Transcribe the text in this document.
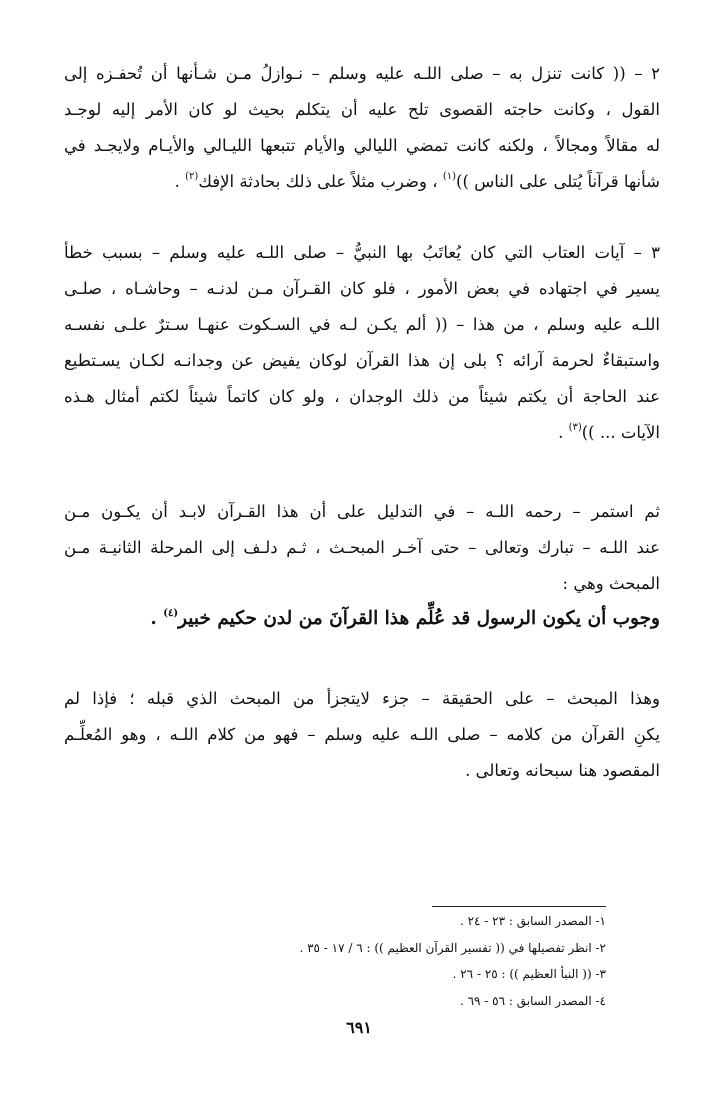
٢ – (( كانت تنزل به – صلى اللـه عليه وسلم – نـوازلُ مـن شـأنها أن تُحفـزه إلى
القول ، وكانت حاجته القصوى تلح عليه أن يتكلم بحيث لو كان الأمر إليه لوجـد
له مقالاً ومجالاً ، ولكنه كانت تمضي الليالي والأيام تتبعها الليـالي والأيـام ولايجـد في
شأنها قرآناً يُتلى على الناس ))$^{(١)}$ ، وضرب مثلاً على ذلك بحادثة الإفك$^{(٢)}$ .
٣ – آيات العتاب التي كان يُعاتَبُ بها النبيُّ – صلى اللـه عليه وسلم – بسبب خطأ
يسير في اجتهاده في بعض الأمور ، فلو كان القـرآن مـن لدنـه – وحاشـاه ، صلـى
اللـه عليه وسلم ، من هذا – (( ألم يكـن لـه في السـكوت عنهـا سـترٌ علـى نفسـه
واستبقاءٌ لحرمة آرائه ؟ بلى إن هذا القرآن لوكان يفيض عن وجدانـه لكـان يسـتطيع
عند الحاجة أن يكتم شيئاً من ذلك الوجدان ، ولو كان كاتماً شيئاً لكتم أمثال هـذه
الآيات ... ))$^{(٣)}$ .
ثم استمر – رحمه اللـه – في التدليل على أن هذا القـرآن لابـد أن يكـون مـن
عند اللـه – تبارك وتعالى – حتى آخـر المبحـث ، ثـم دلـف إلى المرحلة الثانيـة مـن
المبحث وهي :
وجوب أن يكون الرسول قد عُلِّم هذا القرآنَ من لدن حكيم خبير$^{(٤)}$ .
وهذا المبحث – على الحقيقة – جزء لايتجزأ من المبحث الذي قبله ؛ فإذا لم
يكنِ القرآن من كلامه – صلى اللـه عليه وسلم – فهو من كلام اللـه ، وهو المُعلِّـم
المقصود هنا سبحانه وتعالى .
١- المصدر السابق : ٢٣ - ٢٤ .
٢- انظر تفصيلها في (( تفسير القرآن العظيم )) : ٦ / ١٧ - ٣٥ .
٣- (( النبأ العظيم )) : ٢٥ - ٢٦ .
٤- المصدر السابق : ٥٦ - ٦٩ .
٦٩١
